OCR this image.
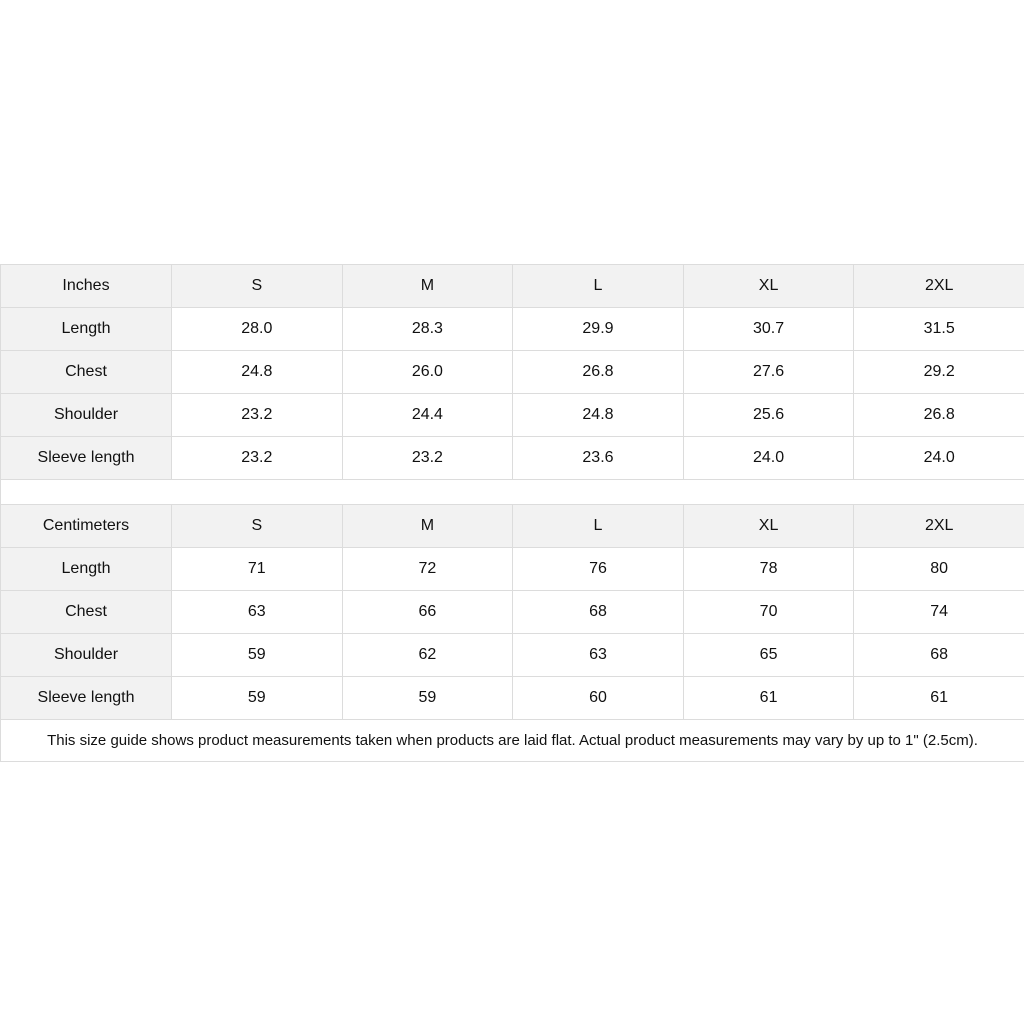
Inches	S	M	L	XL	2XL
Length	28.0	28.3	29.9	30.7	31.5
Chest	24.8	26.0	26.8	27.6	29.2
Shoulder	23.2	24.4	24.8	25.6	26.8
Sleeve length	23.2	23.2	23.6	24.0	24.0

Centimeters	S	M	L	XL	2XL
Length	71	72	76	78	80
Chest	63	66	68	70	74
Shoulder	59	62	63	65	68
Sleeve length	59	59	60	61	61
This size guide shows product measurements taken when products are laid flat. Actual product measurements may vary by up to 1" (2.5cm).					
